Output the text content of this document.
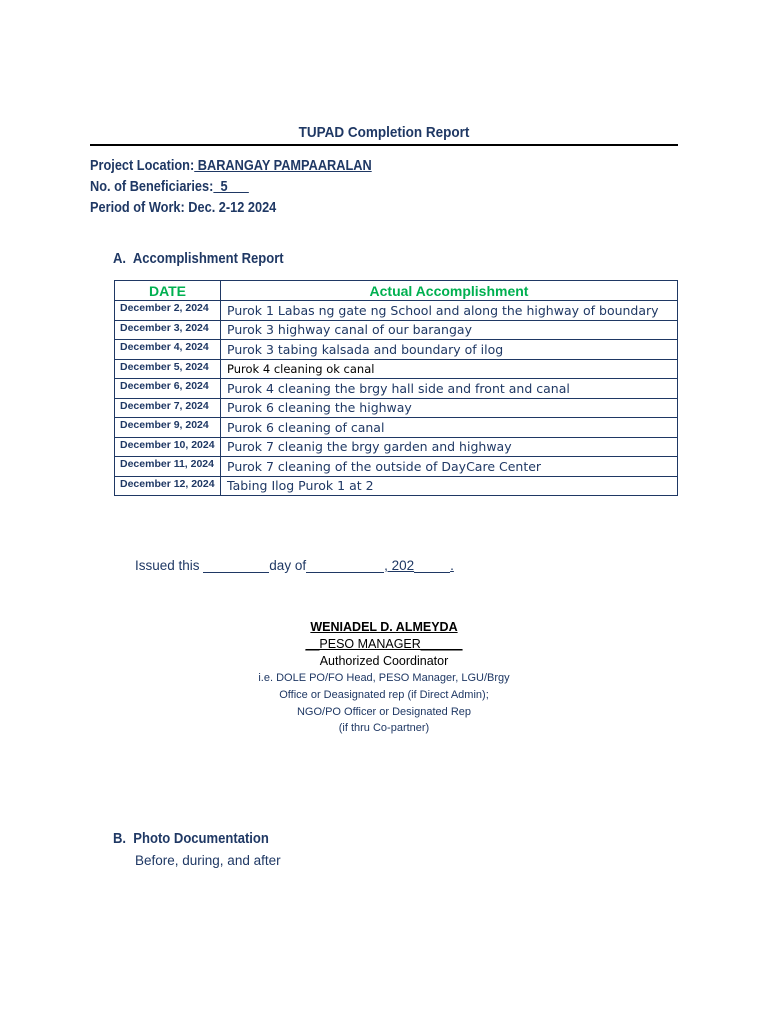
TUPAD Completion Report
Project Location: BARANGAY PAMPAARALAN
No. of Beneficiaries:  5
Period of Work: Dec. 2-12 2024
A.  Accomplishment Report
DATE	Actual Accomplishment
December 2, 2024	Purok 1 Labas ng gate ng School and along the highway of boundary
December 3, 2024	Purok 3 highway canal of our barangay
December 4, 2024	Purok 3 tabing kalsada and boundary of ilog
December 5, 2024	Purok 4 cleaning ok canal
December 6, 2024	Purok 4 cleaning the brgy hall side and front and canal
December 7, 2024	Purok 6 cleaning the highway
December 9, 2024	Purok 6 cleaning of canal
December 10, 2024	Purok 7 cleanig the brgy garden and highway
December 11, 2024	Purok 7 cleaning of the outside of DayCare Center
December 12, 2024	Tabing Ilog Purok 1 at 2
Issued this	day of	, 202	.
WENIADEL D. ALMEYDA
__PESO MANAGER______
Authorized Coordinator
i.e. DOLE PO/FO Head, PESO Manager, LGU/Brgy
Office or Deasignated rep (if Direct Admin);
NGO/PO Officer or Designated Rep
(if thru Co-partner)
B.  Photo Documentation
Before, during, and after
